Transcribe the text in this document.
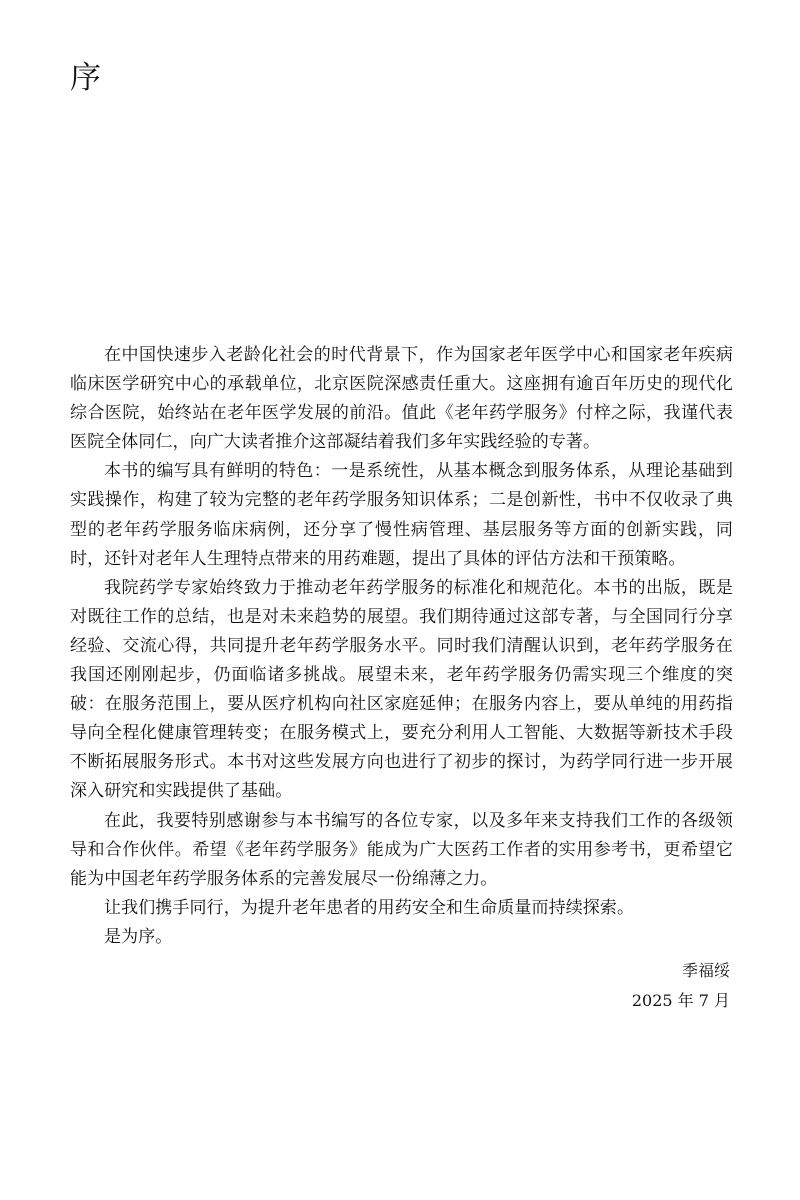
序

在中国快速步入老龄化社会的时代背景下，作为国家老年医学中心和国家老年疾病临床医学研究中心的承载单位，北京医院深感责任重大。这座拥有逾百年历史的现代化综合医院，始终站在老年医学发展的前沿。值此《老年药学服务》付梓之际，我谨代表医院全体同仁，向广大读者推介这部凝结着我们多年实践经验的专著。

本书的编写具有鲜明的特色：一是系统性，从基本概念到服务体系，从理论基础到实践操作，构建了较为完整的老年药学服务知识体系；二是创新性，书中不仅收录了典型的老年药学服务临床病例，还分享了慢性病管理、基层服务等方面的创新实践，同时，还针对老年人生理特点带来的用药难题，提出了具体的评估方法和干预策略。

我院药学专家始终致力于推动老年药学服务的标准化和规范化。本书的出版，既是对既往工作的总结，也是对未来趋势的展望。我们期待通过这部专著，与全国同行分享经验、交流心得，共同提升老年药学服务水平。同时我们清醒认识到，老年药学服务在我国还刚刚起步，仍面临诸多挑战。展望未来，老年药学服务仍需实现三个维度的突破：在服务范围上，要从医疗机构向社区家庭延伸；在服务内容上，要从单纯的用药指导向全程化健康管理转变；在服务模式上，要充分利用人工智能、大数据等新技术手段不断拓展服务形式。本书对这些发展方向也进行了初步的探讨，为药学同行进一步开展深入研究和实践提供了基础。

在此，我要特别感谢参与本书编写的各位专家，以及多年来支持我们工作的各级领导和合作伙伴。希望《老年药学服务》能成为广大医药工作者的实用参考书，更希望它能为中国老年药学服务体系的完善发展尽一份绵薄之力。

让我们携手同行，为提升老年患者的用药安全和生命质量而持续探索。

是为序。

季福绥
2025 年 7 月
